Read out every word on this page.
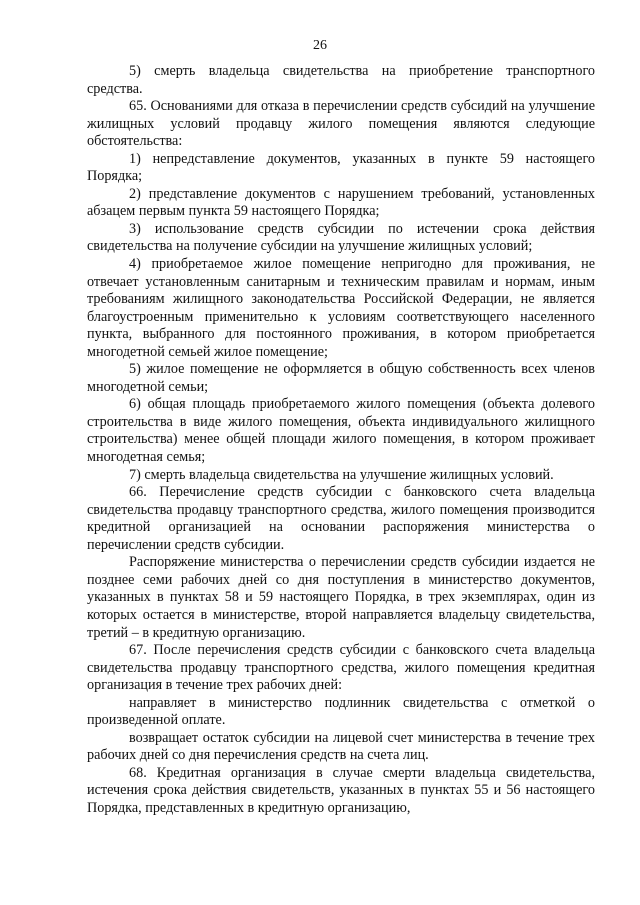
26

5) смерть владельца свидетельства на приобретение транспортного средства.

65. Основаниями для отказа в перечислении средств субсидий на улучшение жилищных условий продавцу жилого помещения являются следующие обстоятельства:

1) непредставление документов, указанных в пункте 59 настоящего Порядка;

2) представление документов с нарушением требований, установленных абзацем первым пункта 59 настоящего Порядка;

3) использование средств субсидии по истечении срока действия свидетельства на получение субсидии на улучшение жилищных условий;

4) приобретаемое жилое помещение непригодно для проживания, не отвечает установленным санитарным и техническим правилам и нормам, иным требованиям жилищного законодательства Российской Федерации, не является благоустроенным применительно к условиям соответствующего населенного пункта, выбранного для постоянного проживания, в котором приобретается многодетной семьей жилое помещение;

5) жилое помещение не оформляется в общую собственность всех членов многодетной семьи;

6) общая площадь приобретаемого жилого помещения (объекта долевого строительства в виде жилого помещения, объекта индивидуального жилищного строительства) менее общей площади жилого помещения, в котором проживает многодетная семья;

7) смерть владельца свидетельства на улучшение жилищных условий.

66. Перечисление средств субсидии с банковского счета владельца свидетельства продавцу транспортного средства, жилого помещения производится кредитной организацией на основании распоряжения министерства о перечислении средств субсидии.

Распоряжение министерства о перечислении средств субсидии издается не позднее семи рабочих дней со дня поступления в министерство документов, указанных в пунктах 58 и 59 настоящего Порядка, в трех экземплярах, один из которых остается в министерстве, второй направляется владельцу свидетельства, третий – в кредитную организацию.

67. После перечисления средств субсидии с банковского счета владельца свидетельства продавцу транспортного средства, жилого помещения кредитная организация в течение трех рабочих дней:

направляет в министерство подлинник свидетельства с отметкой о произведенной оплате.

возвращает остаток субсидии на лицевой счет министерства в течение трех рабочих дней со дня перечисления средств на счета лиц.

68. Кредитная организация в случае смерти владельца свидетельства, истечения срока действия свидетельств, указанных в пунктах 55 и 56 настоящего Порядка, представленных в кредитную организацию,
